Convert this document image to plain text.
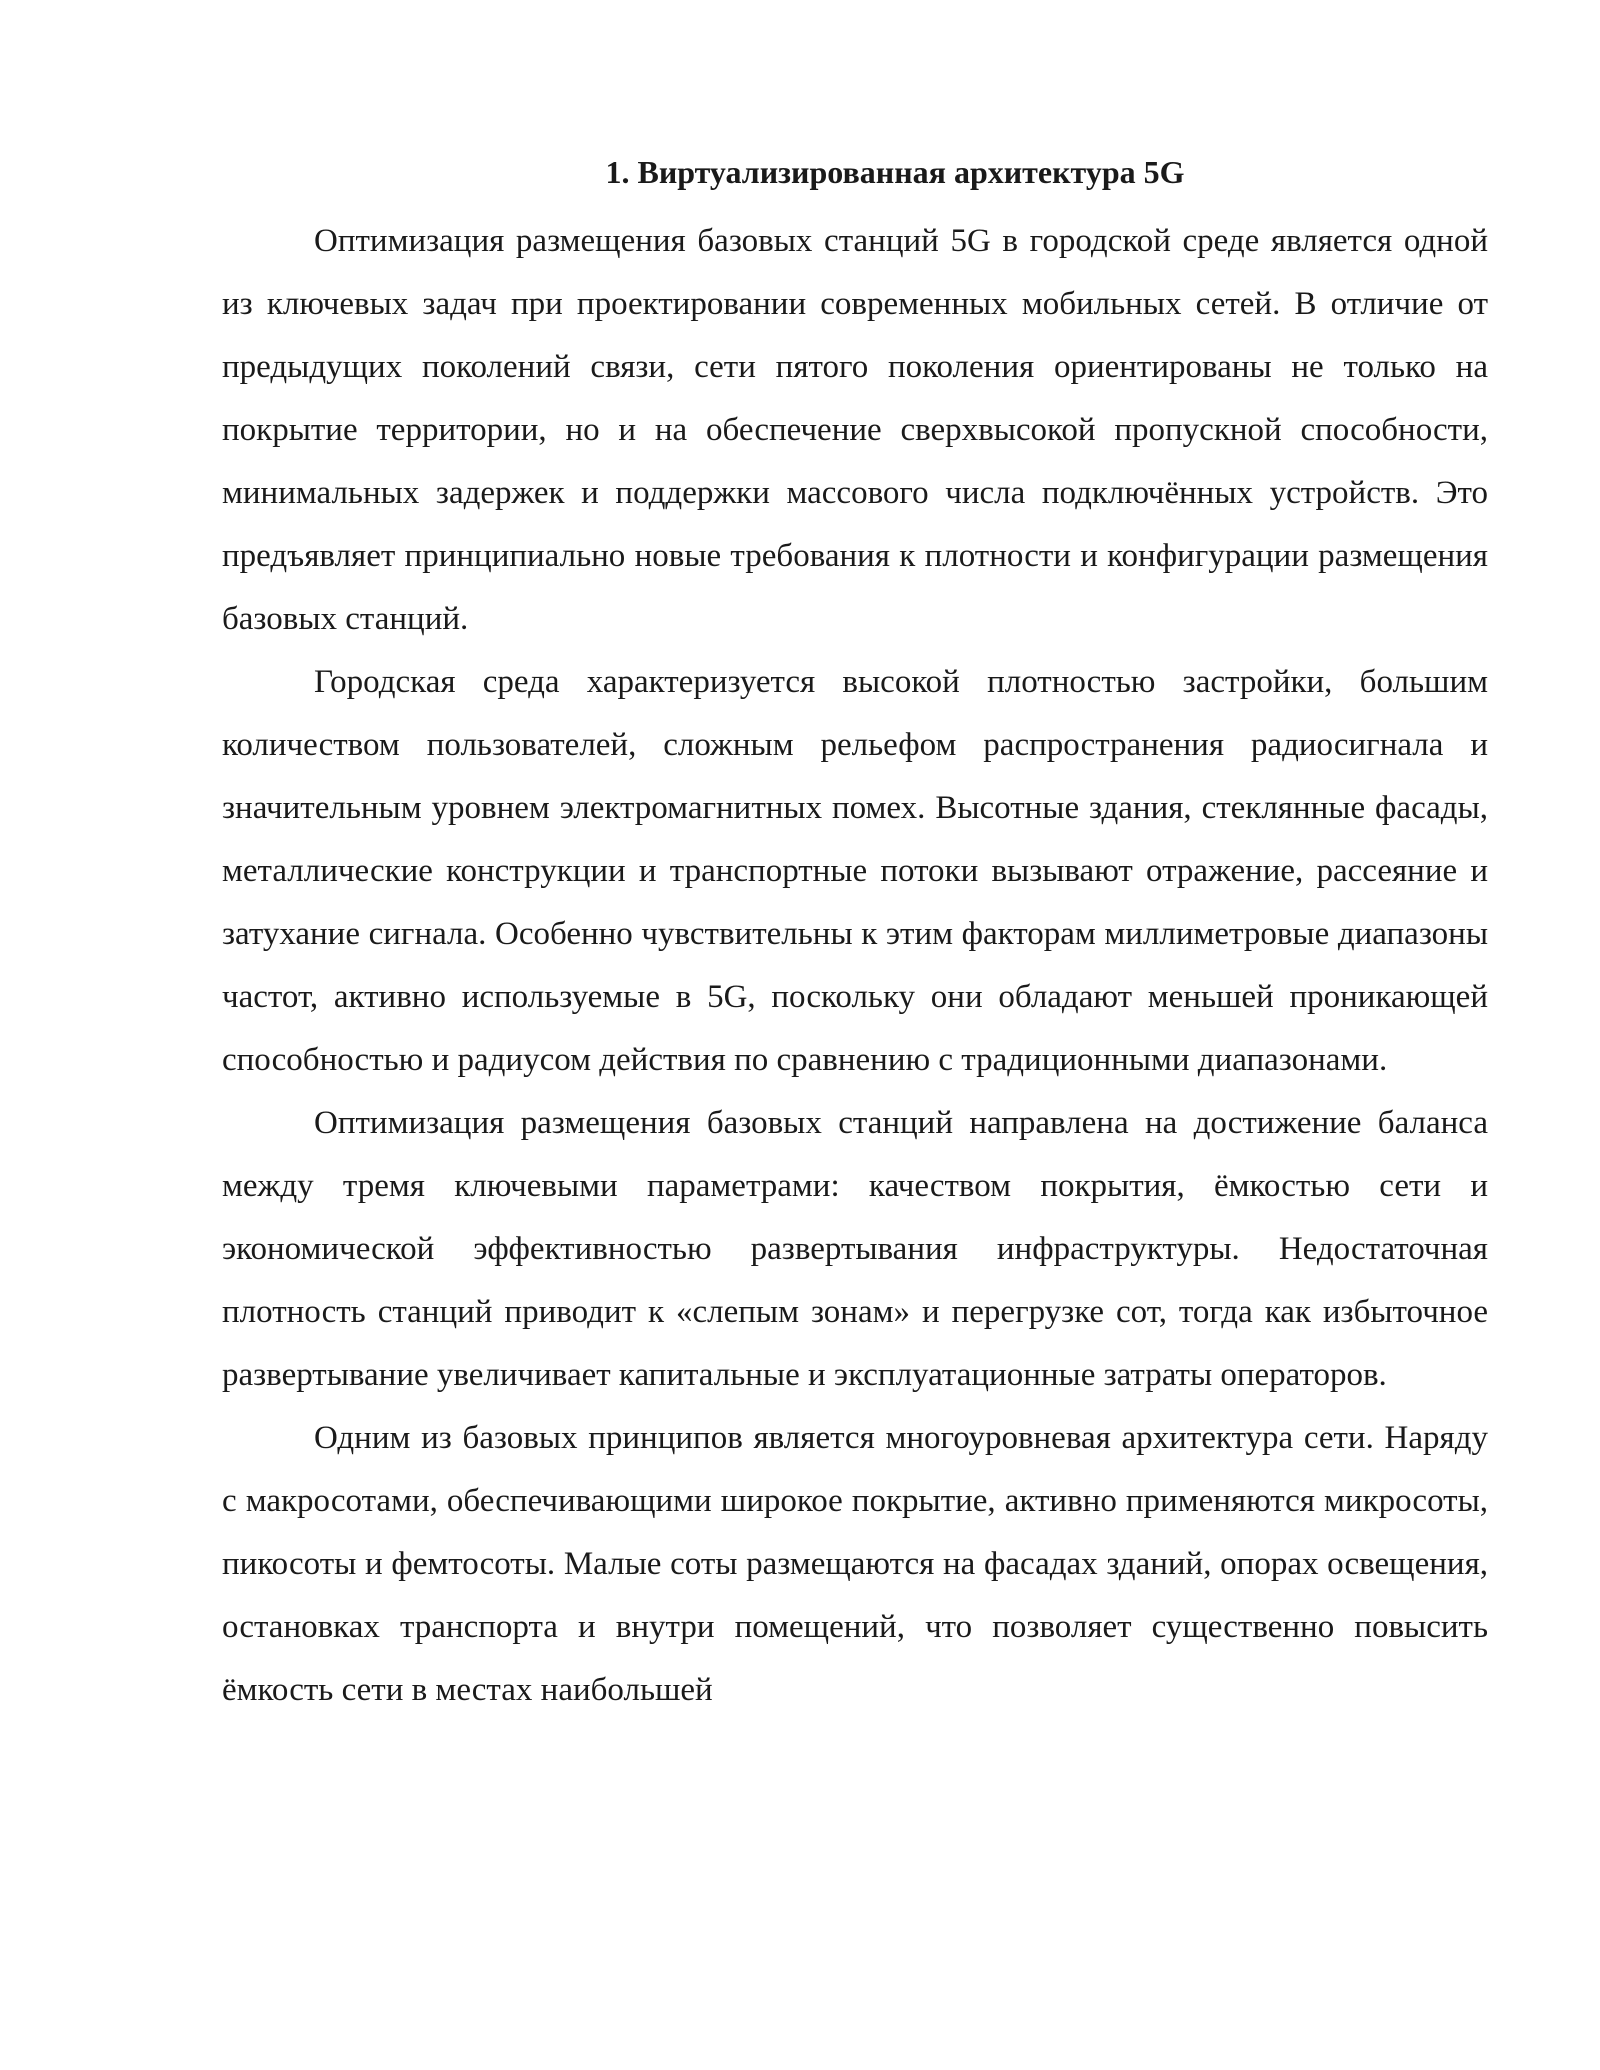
1. Виртуализированная архитектура 5G

Оптимизация размещения базовых станций 5G в городской среде является одной из ключевых задач при проектировании современных мобильных сетей. В отличие от предыдущих поколений связи, сети пятого поколения ориентированы не только на покрытие территории, но и на обеспечение сверхвысокой пропускной способности, минимальных задержек и поддержки массового числа подключённых устройств. Это предъявляет принципиально новые требования к плотности и конфигурации размещения базовых станций.

Городская среда характеризуется высокой плотностью застройки, большим количеством пользователей, сложным рельефом распространения радиосигнала и значительным уровнем электромагнитных помех. Высотные здания, стеклянные фасады, металлические конструкции и транспортные потоки вызывают отражение, рассеяние и затухание сигнала. Особенно чувствительны к этим факторам миллиметровые диапазоны частот, активно используемые в 5G, поскольку они обладают меньшей проникающей способностью и радиусом действия по сравнению с традиционными диапазонами.

Оптимизация размещения базовых станций направлена на достижение баланса между тремя ключевыми параметрами: качеством покрытия, ёмкостью сети и экономической эффективностью развертывания инфраструктуры. Недостаточная плотность станций приводит к «слепым зонам» и перегрузке сот, тогда как избыточное развертывание увеличивает капитальные и эксплуатационные затраты операторов.

Одним из базовых принципов является многоуровневая архитектура сети. Наряду с макросотами, обеспечивающими широкое покрытие, активно применяются микросоты, пикосоты и фемтосоты. Малые соты размещаются на фасадах зданий, опорах освещения, остановках транспорта и внутри помещений, что позволяет существенно повысить ёмкость сети в местах наибольшей
